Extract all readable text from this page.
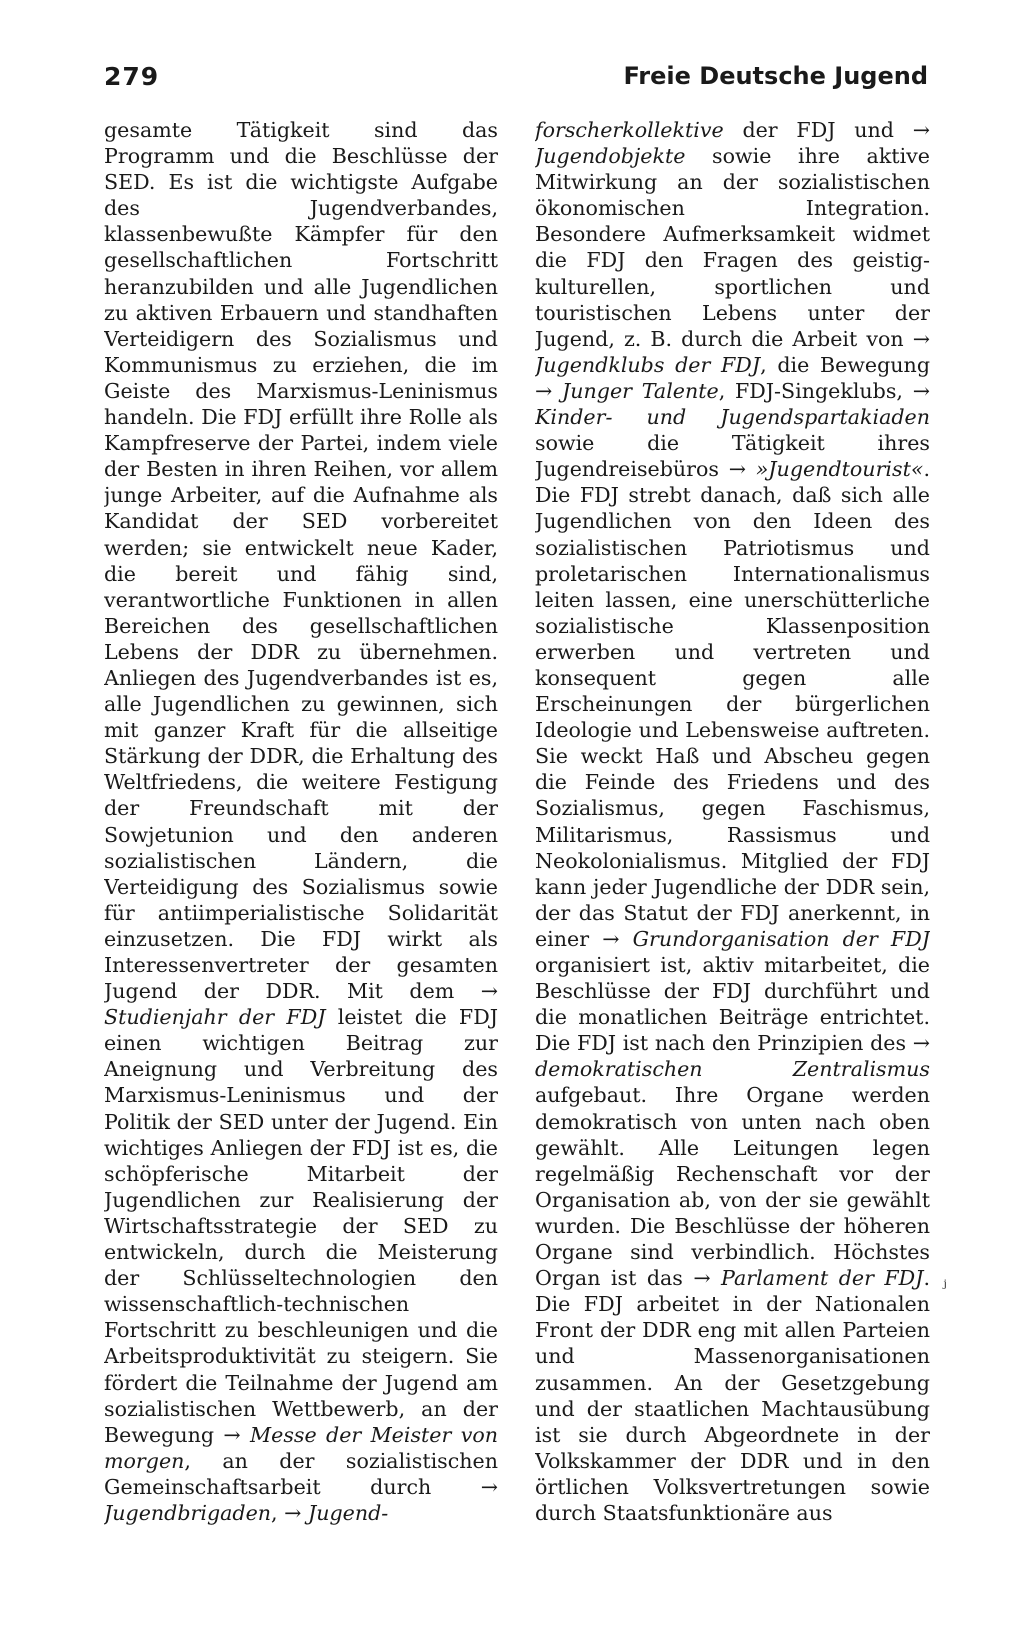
279	Freie Deutsche Jugend

gesamte Tätigkeit sind das Programm und die Beschlüsse der SED. Es ist die wichtigste Aufgabe des Jugendverbandes, klassenbewußte Kämpfer für den gesellschaftlichen Fortschritt heranzubilden und alle Jugendlichen zu aktiven Erbauern und standhaften Verteidigern des Sozialismus und Kommunismus zu erziehen, die im Geiste des Marxismus-Leninismus handeln. Die FDJ erfüllt ihre Rolle als Kampfreserve der Partei, indem viele der Besten in ihren Reihen, vor allem junge Arbeiter, auf die Aufnahme als Kandidat der SED vorbereitet werden; sie entwickelt neue Kader, die bereit und fähig sind, verantwortliche Funktionen in allen Bereichen des gesellschaftlichen Lebens der DDR zu übernehmen. Anliegen des Jugendverbandes ist es, alle Jugendlichen zu gewinnen, sich mit ganzer Kraft für die allseitige Stärkung der DDR, die Erhaltung des Weltfriedens, die weitere Festigung der Freundschaft mit der Sowjetunion und den anderen sozialistischen Ländern, die Verteidigung des Sozialismus sowie für antiimperialistische Solidarität einzusetzen. Die FDJ wirkt als Interessenvertreter der gesamten Jugend der DDR. Mit dem → Studienjahr der FDJ leistet die FDJ einen wichtigen Beitrag zur Aneignung und Verbreitung des Marxismus-Leninismus und der Politik der SED unter der Jugend. Ein wichtiges Anliegen der FDJ ist es, die schöpferische Mitarbeit der Jugendlichen zur Realisierung der Wirtschaftsstrategie der SED zu entwickeln, durch die Meisterung der Schlüsseltechnologien den wissenschaftlich-technischen Fortschritt zu beschleunigen und die Arbeitsproduktivität zu steigern. Sie fördert die Teilnahme der Jugend am sozialistischen Wettbewerb, an der Bewegung → Messe der Meister von morgen, an der sozialistischen Gemeinschaftsarbeit durch → Jugendbrigaden, → Jugend-

forscherkollektive der FDJ und → Jugendobjekte sowie ihre aktive Mitwirkung an der sozialistischen ökonomischen Integration. Besondere Aufmerksamkeit widmet die FDJ den Fragen des geistig-kulturellen, sportlichen und touristischen Lebens unter der Jugend, z. B. durch die Arbeit von → Jugendklubs der FDJ, die Bewegung → Junger Talente, FDJ-Singeklubs, → Kinder- und Jugendspartakiaden sowie die Tätigkeit ihres Jugendreisebüros → »Jugendtourist«. Die FDJ strebt danach, daß sich alle Jugendlichen von den Ideen des sozialistischen Patriotismus und proletarischen Internationalismus leiten lassen, eine unerschütterliche sozialistische Klassenposition erwerben und vertreten und konsequent gegen alle Erscheinungen der bürgerlichen Ideologie und Lebensweise auftreten. Sie weckt Haß und Abscheu gegen die Feinde des Friedens und des Sozialismus, gegen Faschismus, Militarismus, Rassismus und Neokolonialismus. Mitglied der FDJ kann jeder Jugendliche der DDR sein, der das Statut der FDJ anerkennt, in einer → Grundorganisation der FDJ organisiert ist, aktiv mitarbeitet, die Beschlüsse der FDJ durchführt und die monatlichen Beiträge entrichtet. Die FDJ ist nach den Prinzipien des → demokratischen Zentralismus aufgebaut. Ihre Organe werden demokratisch von unten nach oben gewählt. Alle Leitungen legen regelmäßig Rechenschaft vor der Organisation ab, von der sie gewählt wurden. Die Beschlüsse der höheren Organe sind verbindlich. Höchstes Organ ist das → Parlament der FDJ. Die FDJ arbeitet in der Nationalen Front der DDR eng mit allen Parteien und Massenorganisationen zusammen. An der Gesetzgebung und der staatlichen Machtausübung ist sie durch Abgeordnete in der Volkskammer der DDR und in den örtlichen Volksvertretungen sowie durch Staatsfunktionäre aus

ʲ
